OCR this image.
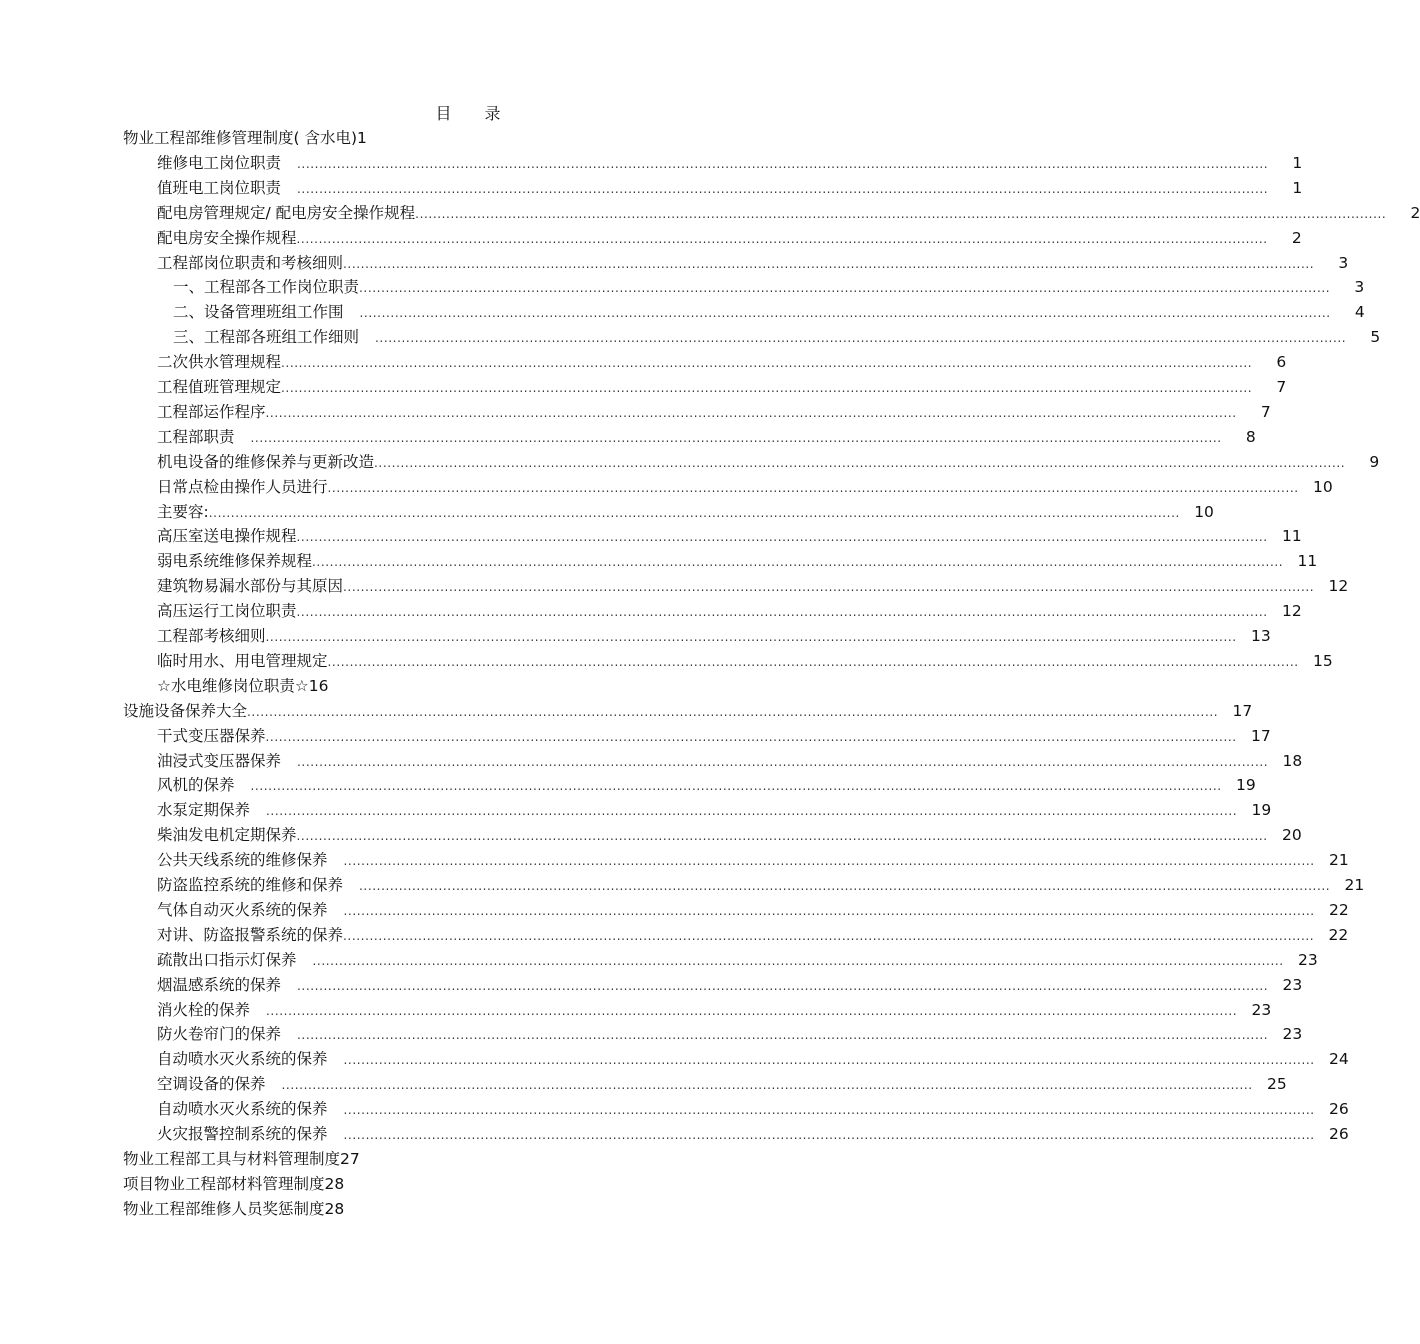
目 录
物业工程部维修管理制度( 含水电) 1
维修电工岗位职责	............................................................................................................................................................................................................................	1
值班电工岗位职责	............................................................................................................................................................................................................................	1
配电房管理规定/ 配电房安全操作规程 ............................................................................................................................................................................................................................	2
配电房安全操作规程 ............................................................................................................................................................................................................................	2
工程部岗位职责和考核细则 ............................................................................................................................................................................................................................	3
一、工程部各工作岗位职责 ............................................................................................................................................................................................................................	3
二、设备管理班组工作围	............................................................................................................................................................................................................................	4
三、工程部各班组工作细则	............................................................................................................................................................................................................................	5
二次供水管理规程 ............................................................................................................................................................................................................................	6
工程值班管理规定 ............................................................................................................................................................................................................................	7
工程部运作程序 ............................................................................................................................................................................................................................	7
工程部职责	............................................................................................................................................................................................................................	8
机电设备的维修保养与更新改造 ............................................................................................................................................................................................................................	9
日常点检由操作人员进行 ............................................................................................................................................................................................................................ 10
主要容: ............................................................................................................................................................................................................................ 10
高压室送电操作规程 ............................................................................................................................................................................................................................ 11
弱电系统维修保养规程 ............................................................................................................................................................................................................................ 11
建筑物易漏水部份与其原因 ............................................................................................................................................................................................................................ 12
高压运行工岗位职责 ............................................................................................................................................................................................................................ 12
工程部考核细则 ............................................................................................................................................................................................................................ 13
临时用水、用电管理规定 ............................................................................................................................................................................................................................ 15
☆水电维修岗位职责☆ 16
设施设备保养大全 ............................................................................................................................................................................................................................ 17
干式变压器保养 ............................................................................................................................................................................................................................ 17
油浸式变压器保养	............................................................................................................................................................................................................................ 18
风机的保养	............................................................................................................................................................................................................................ 19
水泵定期保养	............................................................................................................................................................................................................................ 19
柴油发电机定期保养 ............................................................................................................................................................................................................................ 20
公共天线系统的维修保养	............................................................................................................................................................................................................................ 21
防盗监控系统的维修和保养	............................................................................................................................................................................................................................ 21
气体自动灭火系统的保养	............................................................................................................................................................................................................................ 22
对讲、防盗报警系统的保养 ............................................................................................................................................................................................................................ 22
疏散出口指示灯保养	............................................................................................................................................................................................................................ 23
烟温感系统的保养	............................................................................................................................................................................................................................ 23
消火栓的保养	............................................................................................................................................................................................................................ 23
防火卷帘门的保养	............................................................................................................................................................................................................................ 23
自动喷水灭火系统的保养	............................................................................................................................................................................................................................ 24
空调设备的保养	............................................................................................................................................................................................................................ 25
自动喷水灭火系统的保养	............................................................................................................................................................................................................................ 26
火灾报警控制系统的保养	............................................................................................................................................................................................................................ 26
物业工程部工具与材料管理制度 27
项目物业工程部材料管理制度 28
物业工程部维修人员奖惩制度 28
